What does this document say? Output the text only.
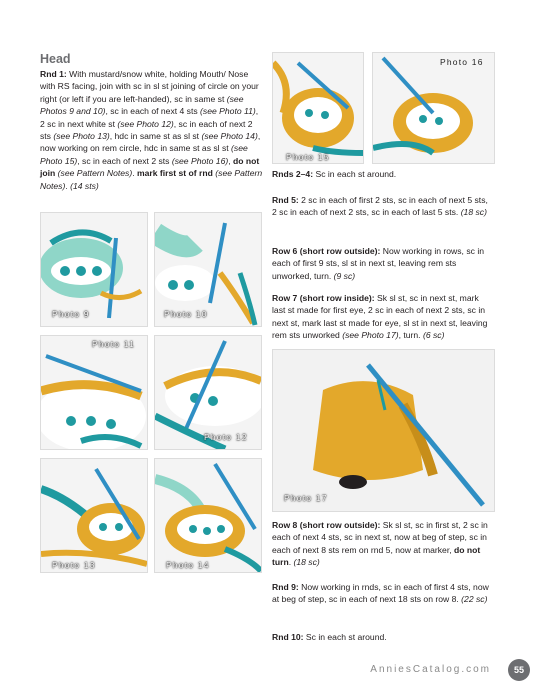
Head
Rnd 1: With mustard/snow white, holding Mouth/ Nose with RS facing, join with sc in sl st joining of circle on your right (or left if you are left-handed), sc in same st (see Photos 9 and 10), sc in each of next 4 sts (see Photo 11), 2 sc in next white st (see Photo 12), sc in each of next 2 sts (see Photo 13), hdc in same st as sl st (see Photo 14), now working on rem circle, hdc in same st as sl st (see Photo 15), sc in each of next 2 sts (see Photo 16), do not join (see Pattern Notes). mark first st of rnd (see Pattern Notes). (14 sts)
Photo 9	Photo 10
Photo 11
Photo 12
Photo 13	Photo 14
Photo 15
Photo 16
Rnds 2–4: Sc in each st around.
Rnd 5: 2 sc in each of first 2 sts, sc in each of next 5 sts, 2 sc in each of next 2 sts, sc in each of last 5 sts. (18 sc)
Row 6 (short row outside): Now working in rows, sc in each of first 9 sts, sl st in next st, leaving rem sts unworked, turn. (9 sc)
Row 7 (short row inside): Sk sl st, sc in next st, mark last st made for first eye, 2 sc in each of next 2 sts, sc in next st, mark last st made for eye, sl st in next st, leaving rem sts unworked (see Photo 17), turn. (6 sc)
Photo 17
Row 8 (short row outside): Sk sl st, sc in first st, 2 sc in each of next 4 sts, sc in next st, now at beg of step, sc in each of next 8 sts rem on rnd 5, now at marker, do not turn. (18 sc)
Rnd 9: Now working in rnds, sc in each of first 4 sts, now at beg of step, sc in each of next 18 sts on row 8. (22 sc)
Rnd 10: Sc in each st around.
AnniesCatalog.com	55
